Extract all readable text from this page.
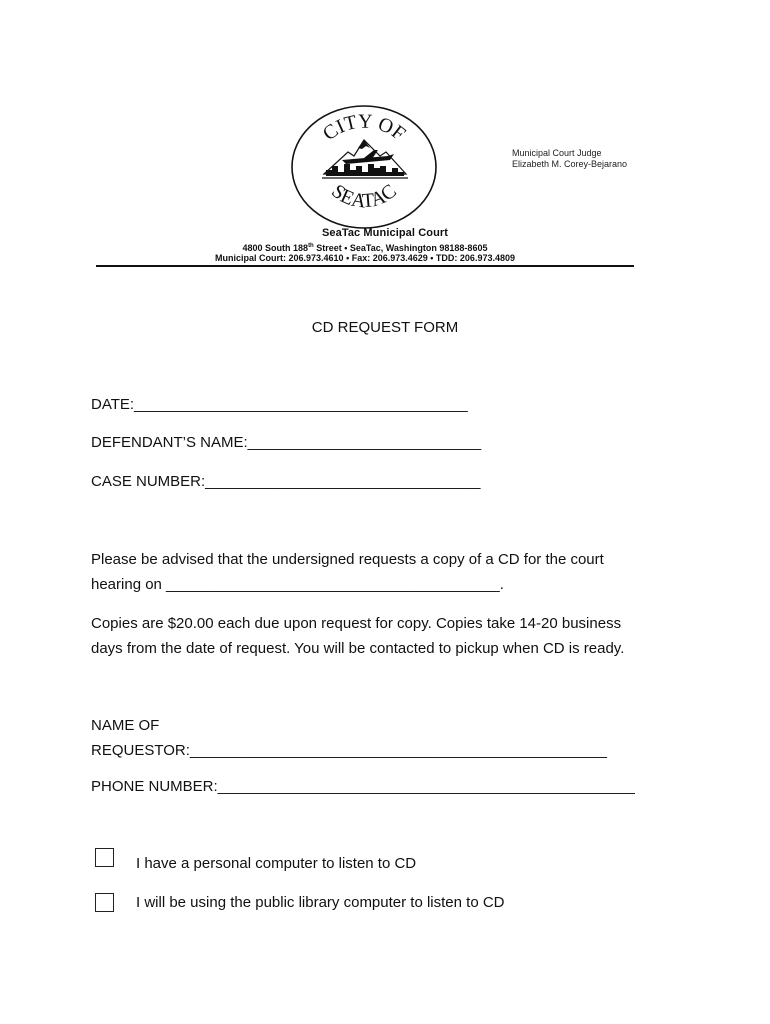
CITY OF
SEATAC
Municipal Court Judge
Elizabeth M. Corey-Bejarano
SeaTac Municipal Court
4800 South 188th Street • SeaTac, Washington 98188-8605
Municipal Court: 206.973.4610 • Fax: 206.973.4629 • TDD: 206.973.4809
CD REQUEST FORM
DATE:________________________________________
DEFENDANT’S NAME:____________________________
CASE NUMBER:_________________________________
Please be advised that the undersigned requests a copy of a CD for the court
hearing on ________________________________________.
Copies are $20.00 each due upon request for copy. Copies take 14-20 business
days from the date of request. You will be contacted to pickup when CD is ready.
NAME OF
REQUESTOR:__________________________________________________
PHONE NUMBER:__________________________________________________
I have a personal computer to listen to CD
I will be using the public library computer to listen to CD
